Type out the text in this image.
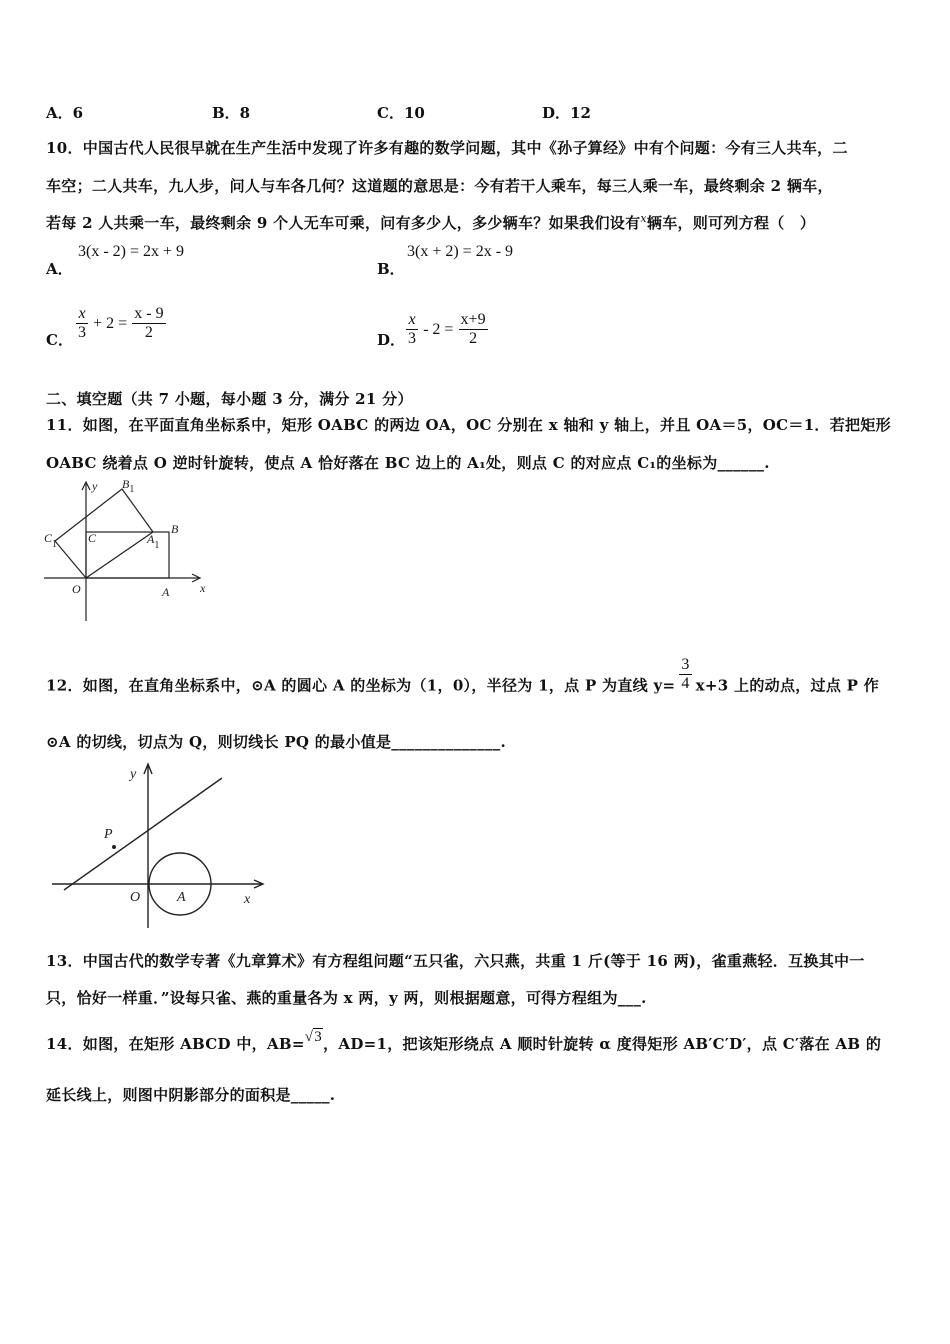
A．6	B．8	C．10	D．12
10．中国古代人民很早就在生产生活中发现了许多有趣的数学问题，其中《孙子算经》中有个问题：今有三人共车，二
车空；二人共车，九人步，问人与车各几何？这道题的意思是：今有若干人乘车，每三人乘一车，最终剩余 2 辆车，
若每 2 人共乘一车，最终剩余 9 个人无车可乘，问有多少人，多少辆车？如果我们设有$^x$辆车，则可列方程（　）
A．
3(x - 2) = 2x + 9
B．
3(x + 2) = 2x - 9
C． $\frac{x}{3} + 2 = \frac{x - 9}{2}$	D． $\frac{x}{3} - 2 = \frac{x+9}{2}$
二、填空题（共 7 小题，每小题 3 分，满分 21 分）
11．如图，在平面直角坐标系中，矩形 OABC 的两边 OA，OC 分别在 x 轴和 y 轴上，并且 OA＝5，OC＝1．若把矩形
OABC 绕着点 O 逆时针旋转，使点 A 恰好落在 BC 边上的 A₁处，则点 C 的对应点 C₁的坐标为______.
y
x
O	A
B
C
$B_1$
$C_1$	$A_1$
12．如图，在直角坐标系中，⊙A 的圆心 A 的坐标为（1，0），半径为 1，点 P 为直线 $y= \frac{3}{4} x+3$ 上的动点，过点 P 作
⊙A 的切线，切点为 Q，则切线长 PQ 的最小值是______________.
y
x
O	A
P
13．中国古代的数学专著《九章算术》有方程组问题“五只雀，六只燕，共重 1 斤(等于 16 两)，雀重燕轻．互换其中一
只，恰好一样重．”设每只雀、燕的重量各为 x 两，y 两，则根据题意，可得方程组为___.
14．如图，在矩形 ABCD 中，AB=√3，AD=1，把该矩形绕点 A 顺时针旋转 α 度得矩形 AB′C′D′，点 C′落在 AB 的
延长线上，则图中阴影部分的面积是_____.
